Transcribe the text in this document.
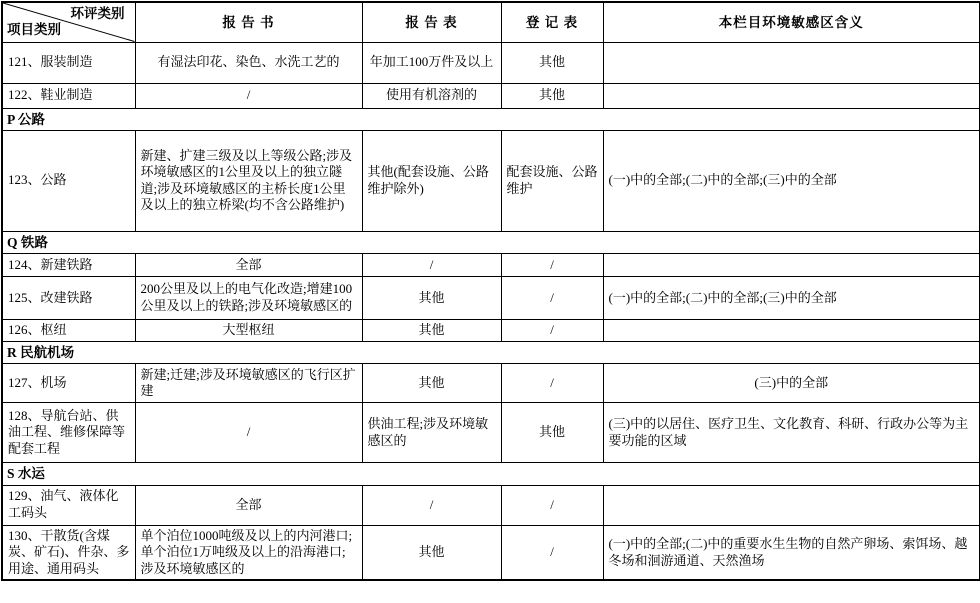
环评类别
项目类别	报 告 书	报 告 表	登 记 表	本栏目环境敏感区含义
121、服装制造	有湿法印花、染色、水洗工艺的	年加工100万件及以上	其他	
122、鞋业制造	/	使用有机溶剂的	其他	
P 公路				
123、公路	新建、扩建三级及以上等级公路;涉及环境敏感区的1公里及以上的独立隧道;涉及环境敏感区的主桥长度1公里及以上的独立桥梁(均不含公路维护)	其他(配套设施、公路维护除外)	配套设施、公路维护	(一)中的全部;(二)中的全部;(三)中的全部
Q 铁路				
124、新建铁路	全部	/	/	
125、改建铁路	200公里及以上的电气化改造;增建100公里及以上的铁路;涉及环境敏感区的	其他	/	(一)中的全部;(二)中的全部;(三)中的全部
126、枢纽	大型枢纽	其他	/	
R 民航机场				
127、机场	新建;迁建;涉及环境敏感区的飞行区扩建	其他	/	(三)中的全部
128、导航台站、供油工程、维修保障等配套工程	/	供油工程;涉及环境敏感区的	其他	(三)中的以居住、医疗卫生、文化教育、科研、行政办公等为主要功能的区域
S 水运				
129、油气、液体化工码头	全部	/	/	
130、干散货(含煤炭、矿石)、件杂、多用途、通用码头	单个泊位1000吨级及以上的内河港口;单个泊位1万吨级及以上的沿海港口;涉及环境敏感区的	其他	/	(一)中的全部;(二)中的重要水生生物的自然产卵场、索饵场、越冬场和洄游通道、天然渔场
